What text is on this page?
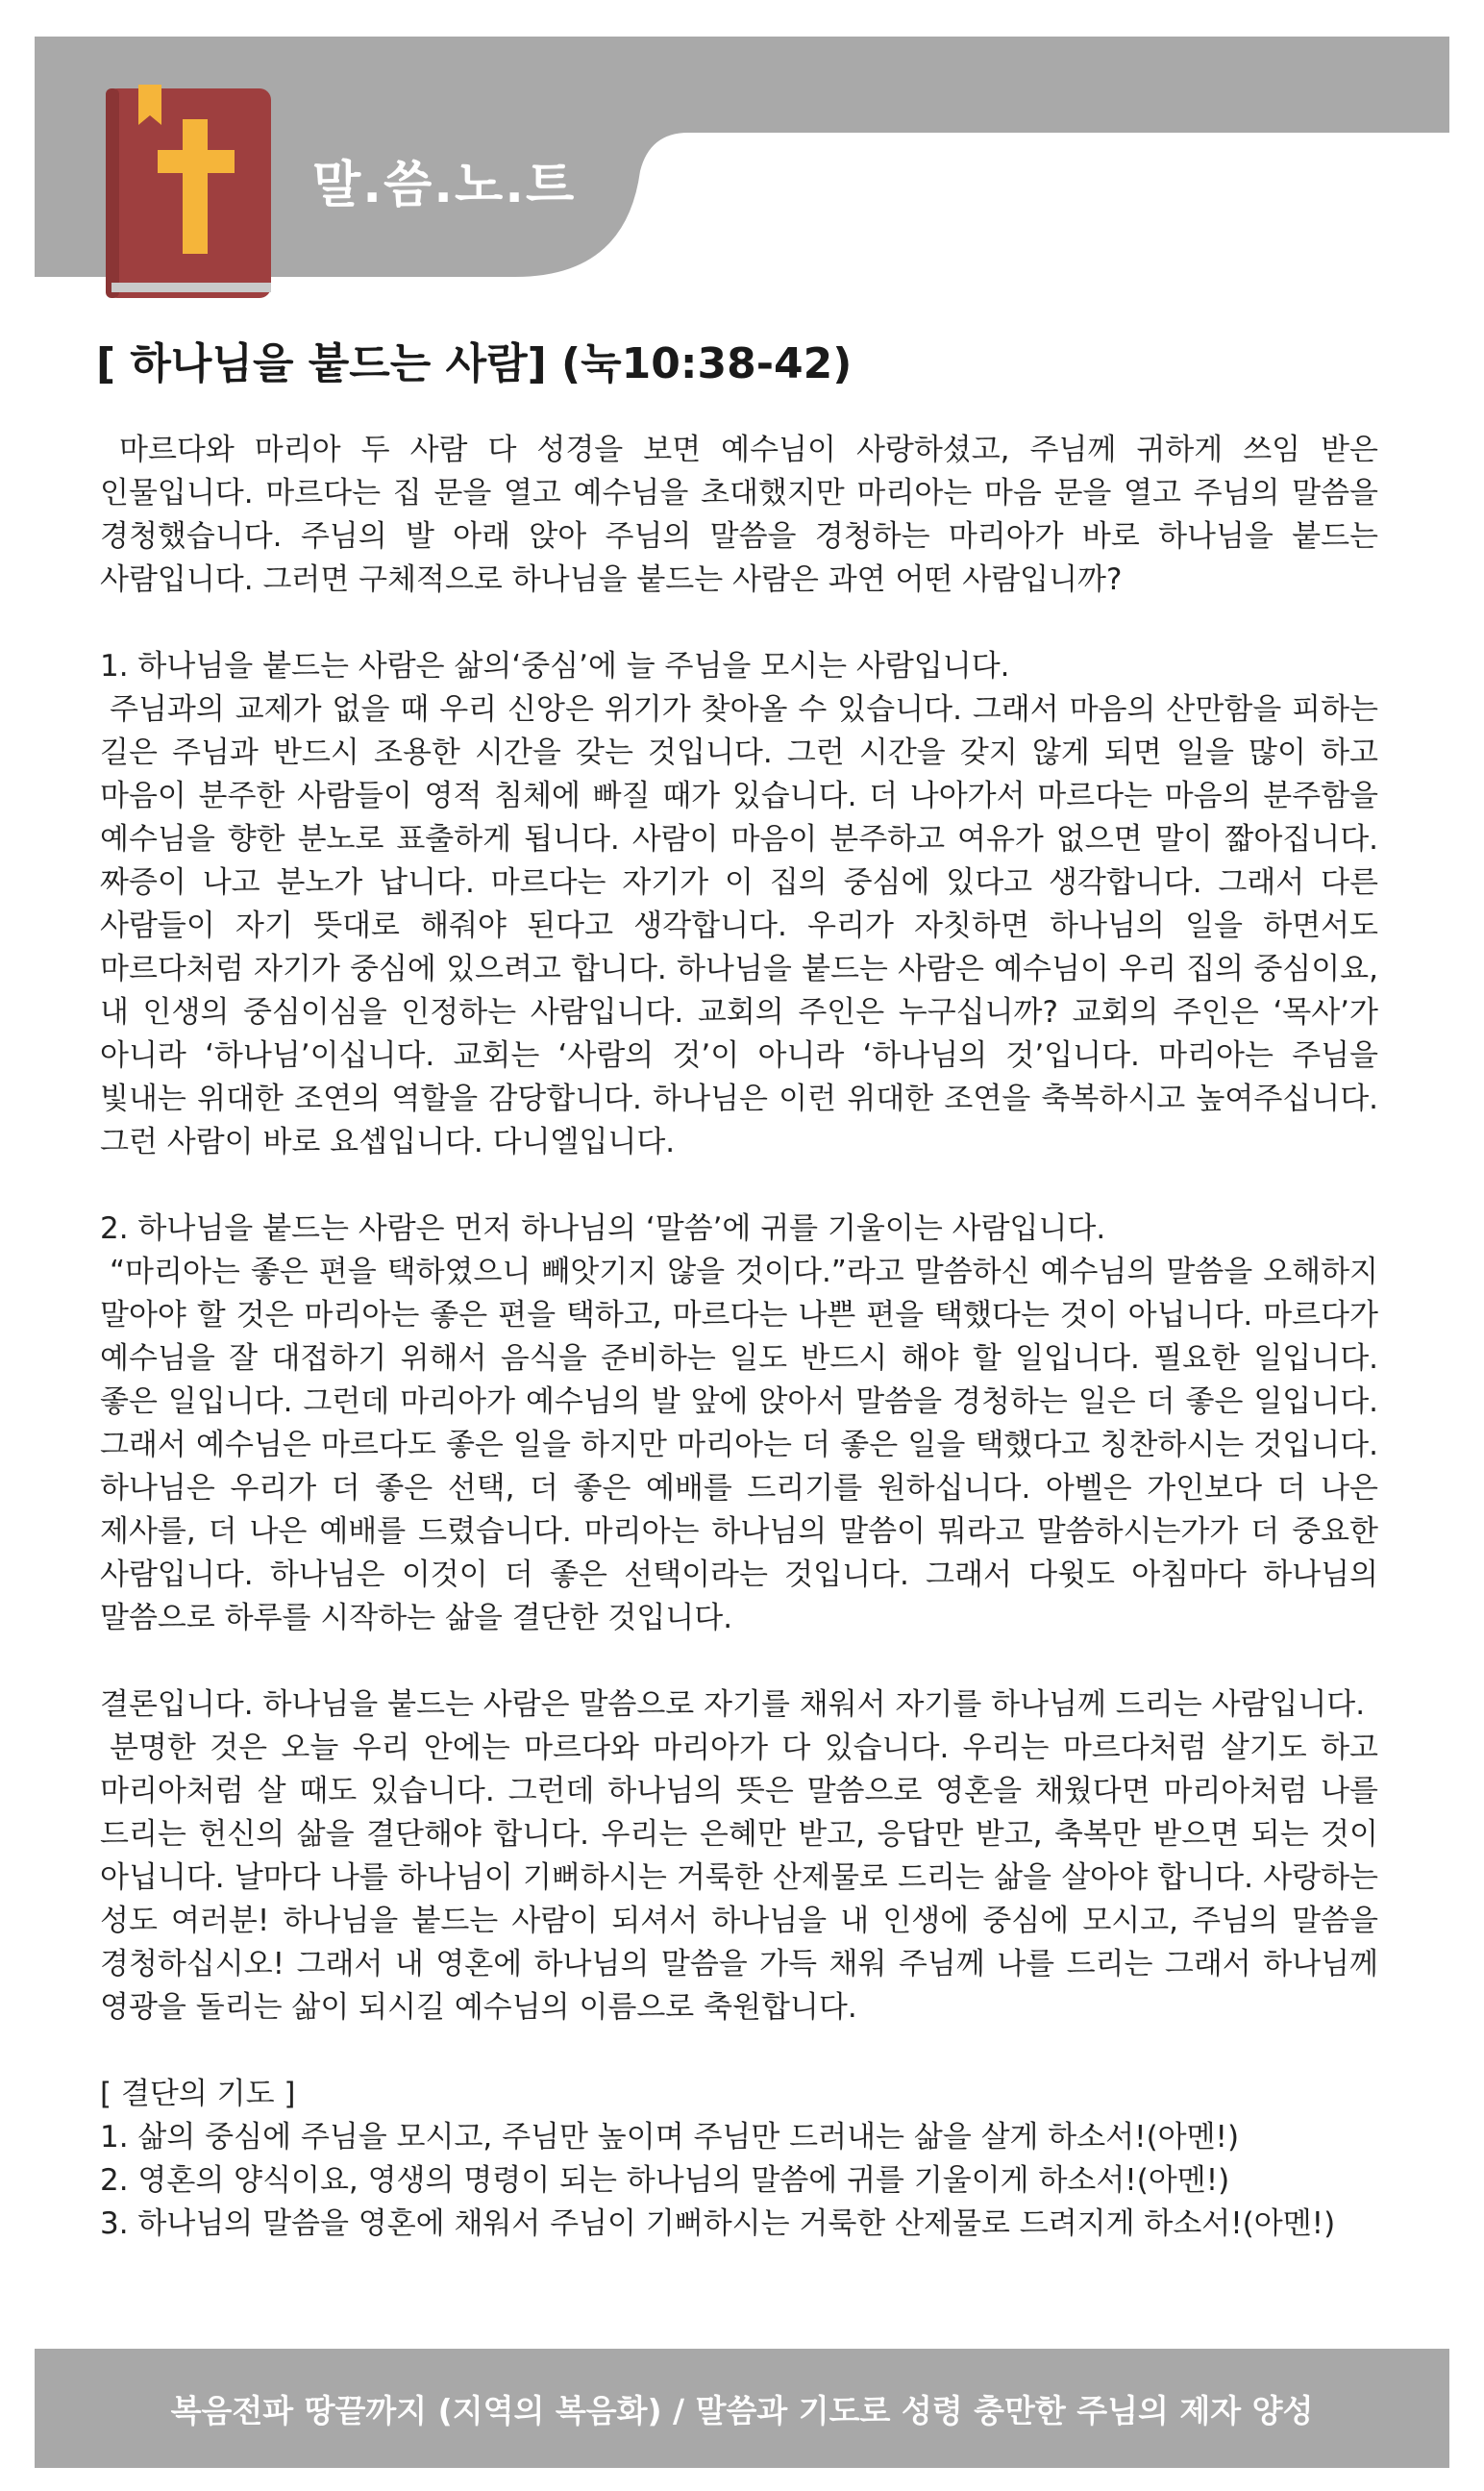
말.씀.노.트	10월 : 당신은 진짜 그리스도인입니까?
[ 하나님을 붙드는 사람] (눅10:38-42)

마르다와 마리아 두 사람 다 성경을 보면 예수님이 사랑하셨고, 주님께 귀하게 쓰임 받은 인물입니다. 마르다는 집 문을 열고 예수님을 초대했지만 마리아는 마음 문을 열고 주님의 말씀을 경청했습니다. 주님의 발 아래 앉아 주님의 말씀을 경청하는 마리아가 바로 하나님을 붙드는 사람입니다. 그러면 구체적으로 하나님을 붙드는 사람은 과연 어떤 사람입니까?

1. 하나님을 붙드는 사람은 삶의‘중심’에 늘 주님을 모시는 사람입니다.
주님과의 교제가 없을 때 우리 신앙은 위기가 찾아올 수 있습니다. 그래서 마음의 산만함을 피하는 길은 주님과 반드시 조용한 시간을 갖는 것입니다. 그런 시간을 갖지 않게 되면 일을 많이 하고 마음이 분주한 사람들이 영적 침체에 빠질 때가 있습니다. 더 나아가서 마르다는 마음의 분주함을 예수님을 향한 분노로 표출하게 됩니다. 사람이 마음이 분주하고 여유가 없으면 말이 짧아집니다. 짜증이 나고 분노가 납니다. 마르다는 자기가 이 집의 중심에 있다고 생각합니다. 그래서 다른 사람들이 자기 뜻대로 해줘야 된다고 생각합니다. 우리가 자칫하면 하나님의 일을 하면서도 마르다처럼 자기가 중심에 있으려고 합니다. 하나님을 붙드는 사람은 예수님이 우리 집의 중심이요, 내 인생의 중심이심을 인정하는 사람입니다. 교회의 주인은 누구십니까? 교회의 주인은 ‘목사’가 아니라 ‘하나님’이십니다. 교회는 ‘사람의 것’이 아니라 ‘하나님의 것’입니다. 마리아는 주님을 빛내는 위대한 조연의 역할을 감당합니다. 하나님은 이런 위대한 조연을 축복하시고 높여주십니다. 그런 사람이 바로 요셉입니다. 다니엘입니다.
2. 하나님을 붙드는 사람은 먼저 하나님의 ‘말씀’에 귀를 기울이는 사람입니다.
“마리아는 좋은 편을 택하였으니 빼앗기지 않을 것이다.”라고 말씀하신 예수님의 말씀을 오해하지 말아야 할 것은 마리아는 좋은 편을 택하고, 마르다는 나쁜 편을 택했다는 것이 아닙니다. 마르다가 예수님을 잘 대접하기 위해서 음식을 준비하는 일도 반드시 해야 할 일입니다. 필요한 일입니다. 좋은 일입니다. 그런데 마리아가 예수님의 발 앞에 앉아서 말씀을 경청하는 일은 더 좋은 일입니다. 그래서 예수님은 마르다도 좋은 일을 하지만 마리아는 더 좋은 일을 택했다고 칭찬하시는 것입니다. 하나님은 우리가 더 좋은 선택, 더 좋은 예배를 드리기를 원하십니다. 아벨은 가인보다 더 나은 제사를, 더 나은 예배를 드렸습니다. 마리아는 하나님의 말씀이 뭐라고 말씀하시는가가 더 중요한 사람입니다. 하나님은 이것이 더 좋은 선택이라는 것입니다. 그래서 다윗도 아침마다 하나님의 말씀으로 하루를 시작하는 삶을 결단한 것입니다.
결론입니다. 하나님을 붙드는 사람은 말씀으로 자기를 채워서 자기를 하나님께 드리는 사람입니다.
분명한 것은 오늘 우리 안에는 마르다와 마리아가 다 있습니다. 우리는 마르다처럼 살기도 하고 마리아처럼 살 때도 있습니다. 그런데 하나님의 뜻은 말씀으로 영혼을 채웠다면 마리아처럼 나를 드리는 헌신의 삶을 결단해야 합니다. 우리는 은혜만 받고, 응답만 받고, 축복만 받으면 되는 것이 아닙니다. 날마다 나를 하나님이 기뻐하시는 거룩한 산제물로 드리는 삶을 살아야 합니다. 사랑하는 성도 여러분! 하나님을 붙드는 사람이 되셔서 하나님을 내 인생에 중심에 모시고, 주님의 말씀을 경청하십시오! 그래서 내 영혼에 하나님의 말씀을 가득 채워 주님께 나를 드리는 그래서 하나님께 영광을 돌리는 삶이 되시길 예수님의 이름으로 축원합니다.
[ 결단의 기도 ]
1. 삶의 중심에 주님을 모시고, 주님만 높이며 주님만 드러내는 삶을 살게 하소서!(아멘!)
2. 영혼의 양식이요, 영생의 명령이 되는 하나님의 말씀에 귀를 기울이게 하소서!(아멘!)
3. 하나님의 말씀을 영혼에 채워서 주님이 기뻐하시는 거룩한 산제물로 드려지게 하소서!(아멘!)
복음전파 땅끝까지 (지역의 복음화) / 말씀과 기도로 성령 충만한 주님의 제자 양성
